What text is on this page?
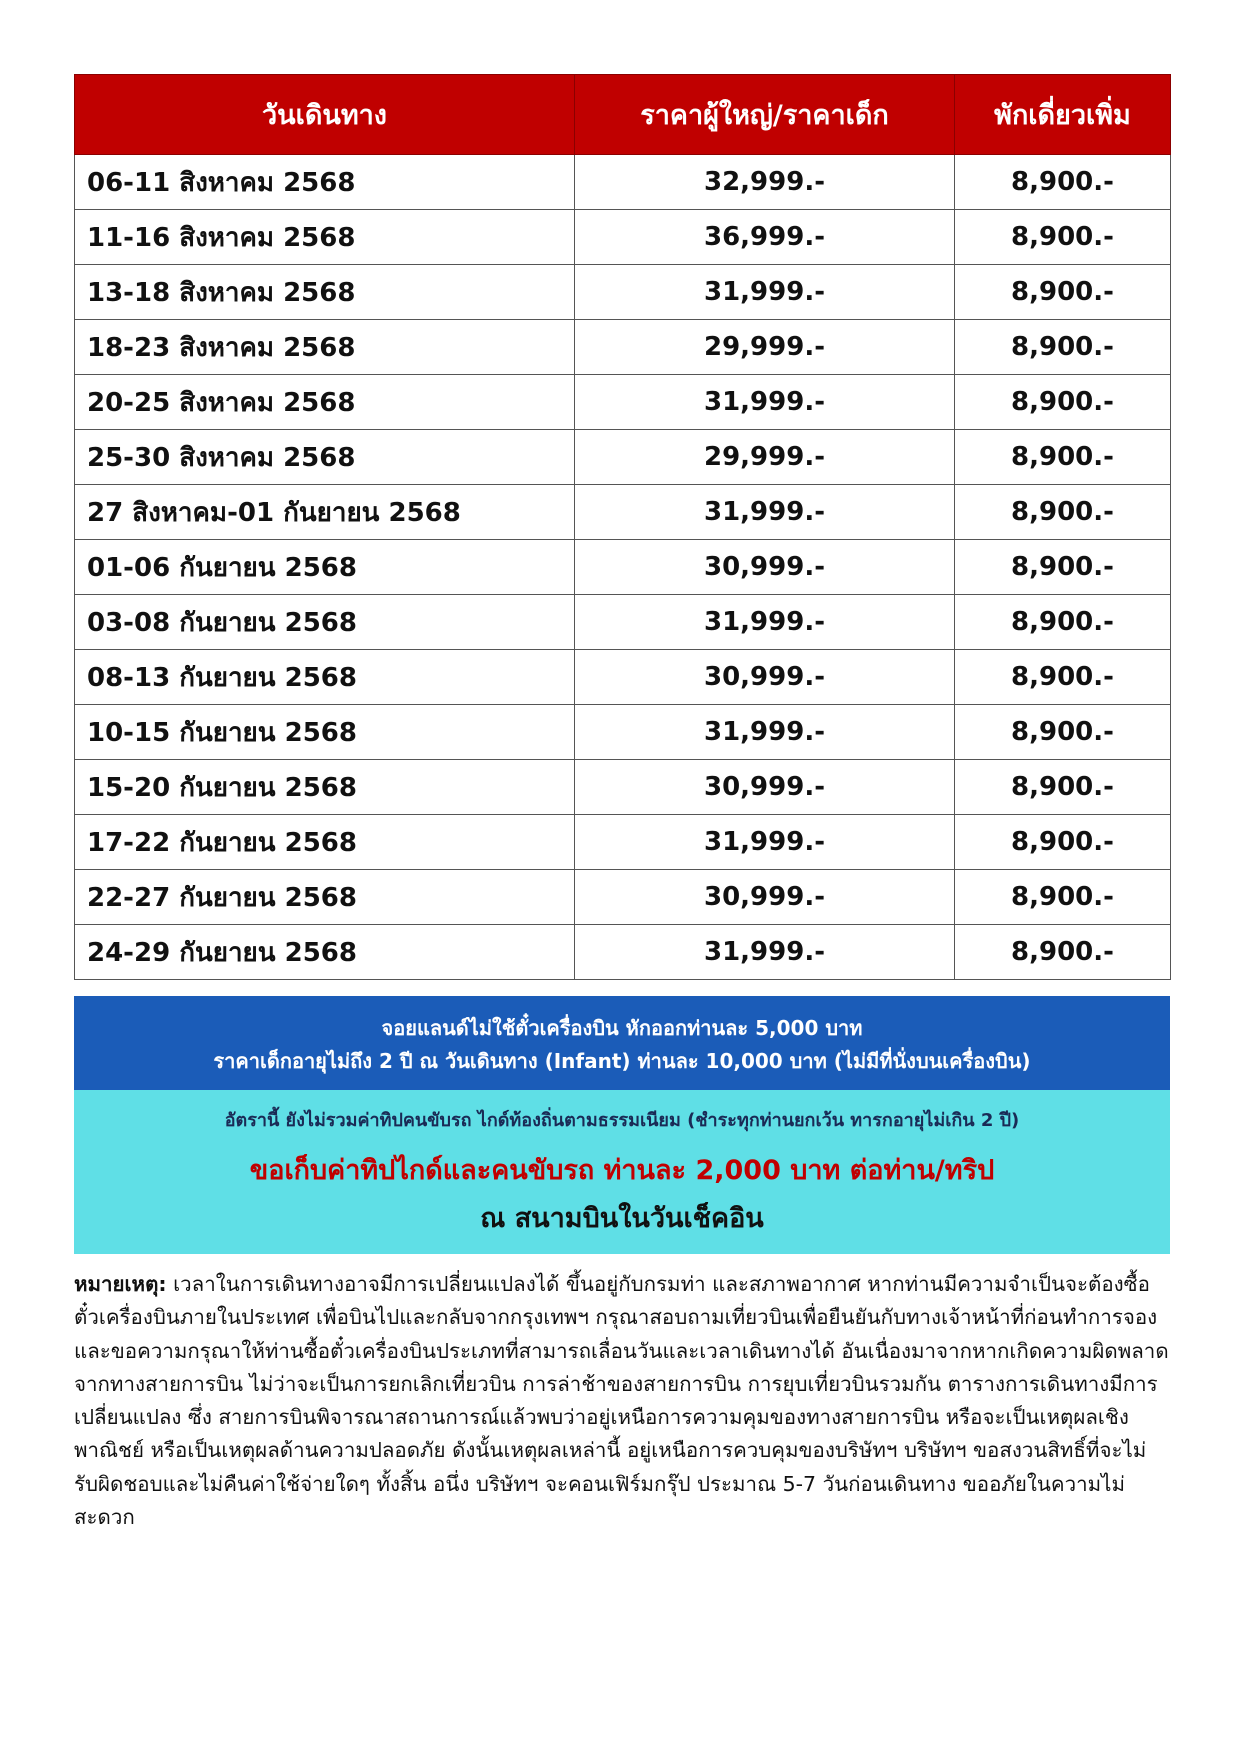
วันเดินทาง	ราคาผู้ใหญ่/ราคาเด็ก	พักเดี่ยวเพิ่ม
06-11 สิงหาคม 2568	32,999.-	8,900.-
11-16 สิงหาคม 2568	36,999.-	8,900.-
13-18 สิงหาคม 2568	31,999.-	8,900.-
18-23 สิงหาคม 2568	29,999.-	8,900.-
20-25 สิงหาคม 2568	31,999.-	8,900.-
25-30 สิงหาคม 2568	29,999.-	8,900.-
27 สิงหาคม-01 กันยายน 2568	31,999.-	8,900.-
01-06 กันยายน 2568	30,999.-	8,900.-
03-08 กันยายน 2568	31,999.-	8,900.-
08-13 กันยายน 2568	30,999.-	8,900.-
10-15 กันยายน 2568	31,999.-	8,900.-
15-20 กันยายน 2568	30,999.-	8,900.-
17-22 กันยายน 2568	31,999.-	8,900.-
22-27 กันยายน 2568	30,999.-	8,900.-
24-29 กันยายน 2568	31,999.-	8,900.-
จอยแลนด์ไม่ใช้ตั๋วเครื่องบิน หักออกท่านละ 5,000 บาท
ราคาเด็กอายุไม่ถึง 2 ปี ณ วันเดินทาง (Infant) ท่านละ 10,000 บาท (ไม่มีที่นั่งบนเครื่องบิน)
อัตรานี้ ยังไม่รวมค่าทิปคนขับรถ ไกด์ท้องถิ่นตามธรรมเนียม (ชำระทุกท่านยกเว้น ทารกอายุไม่เกิน 2 ปี)
ขอเก็บค่าทิปไกด์และคนขับรถ ท่านละ 2,000 บาท ต่อท่าน/ทริป
ณ สนามบินในวันเช็คอิน
หมายเหตุ: เวลาในการเดินทางอาจมีการเปลี่ยนแปลงได้ ขึ้นอยู่กับกรมท่า และสภาพอากาศ หากท่านมีความจำเป็นจะต้องซื้อตั๋วเครื่องบินภายในประเทศ เพื่อบินไปและกลับจากกรุงเทพฯ กรุณาสอบถามเที่ยวบินเพื่อยืนยันกับทางเจ้าหน้าที่ก่อนทำการจองและขอความกรุณาให้ท่านซื้อตั๋วเครื่องบินประเภทที่สามารถเลื่อนวันและเวลาเดินทางได้ อันเนื่องมาจากหากเกิดความผิดพลาดจากทางสายการบิน ไม่ว่าจะเป็นการยกเลิกเที่ยวบิน การล่าช้าของสายการบิน การยุบเที่ยวบินรวมกัน ตารางการเดินทางมีการเปลี่ยนแปลง ซึ่ง สายการบินพิจารณาสถานการณ์แล้วพบว่าอยู่เหนือการความคุมของทางสายการบิน หรือจะเป็นเหตุผลเชิงพาณิชย์ หรือเป็นเหตุผลด้านความปลอดภัย ดังนั้นเหตุผลเหล่านี้ อยู่เหนือการควบคุมของบริษัทฯ บริษัทฯ ขอสงวนสิทธิ์ที่จะไม่รับผิดชอบและไม่คืนค่าใช้จ่ายใดๆ ทั้งสิ้น อนึ่ง บริษัทฯ จะคอนเฟิร์มกรุ๊ป ประมาณ 5-7 วันก่อนเดินทาง ขออภัยในความไม่สะดวก
